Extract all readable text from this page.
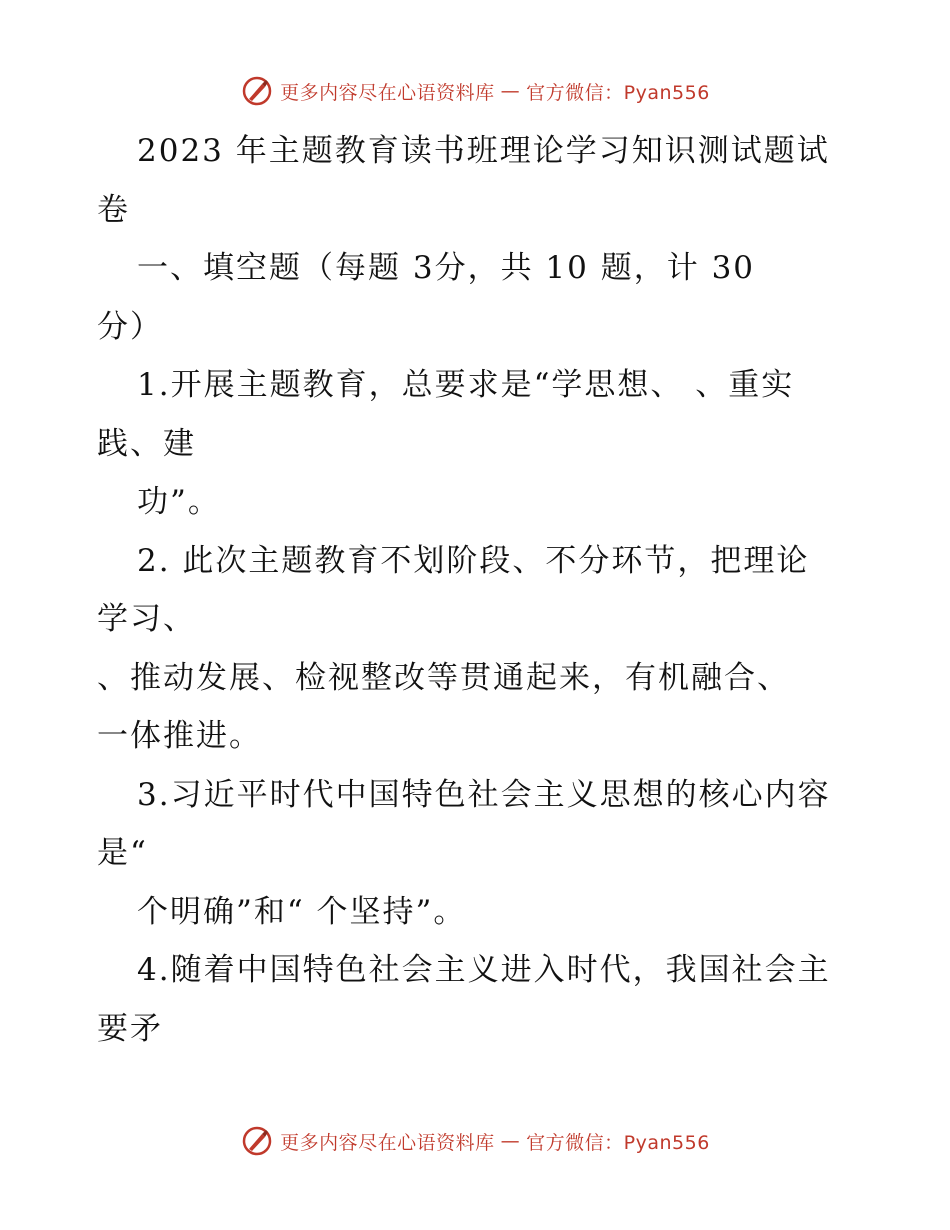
更多内容尽在心语资料库 — 官方微信：Pyan556
2023 年主题教育读书班理论学习知识测试题试
卷
一、填空题（每题 3分，共 10 题，计 30
分）
1.开展主题教育，总要求是“学思想、 、重实
践、建
功”。
2. 此次主题教育不划阶段、不分环节，把理论
学习、
、推动发展、检视整改等贯通起来，有机融合、
一体推进。
3.习近平时代中国特色社会主义思想的核心内容
是“
个明确”和“ 个坚持”。
4.随着中国特色社会主义进入时代，我国社会主
要矛
更多内容尽在心语资料库 — 官方微信：Pyan556
